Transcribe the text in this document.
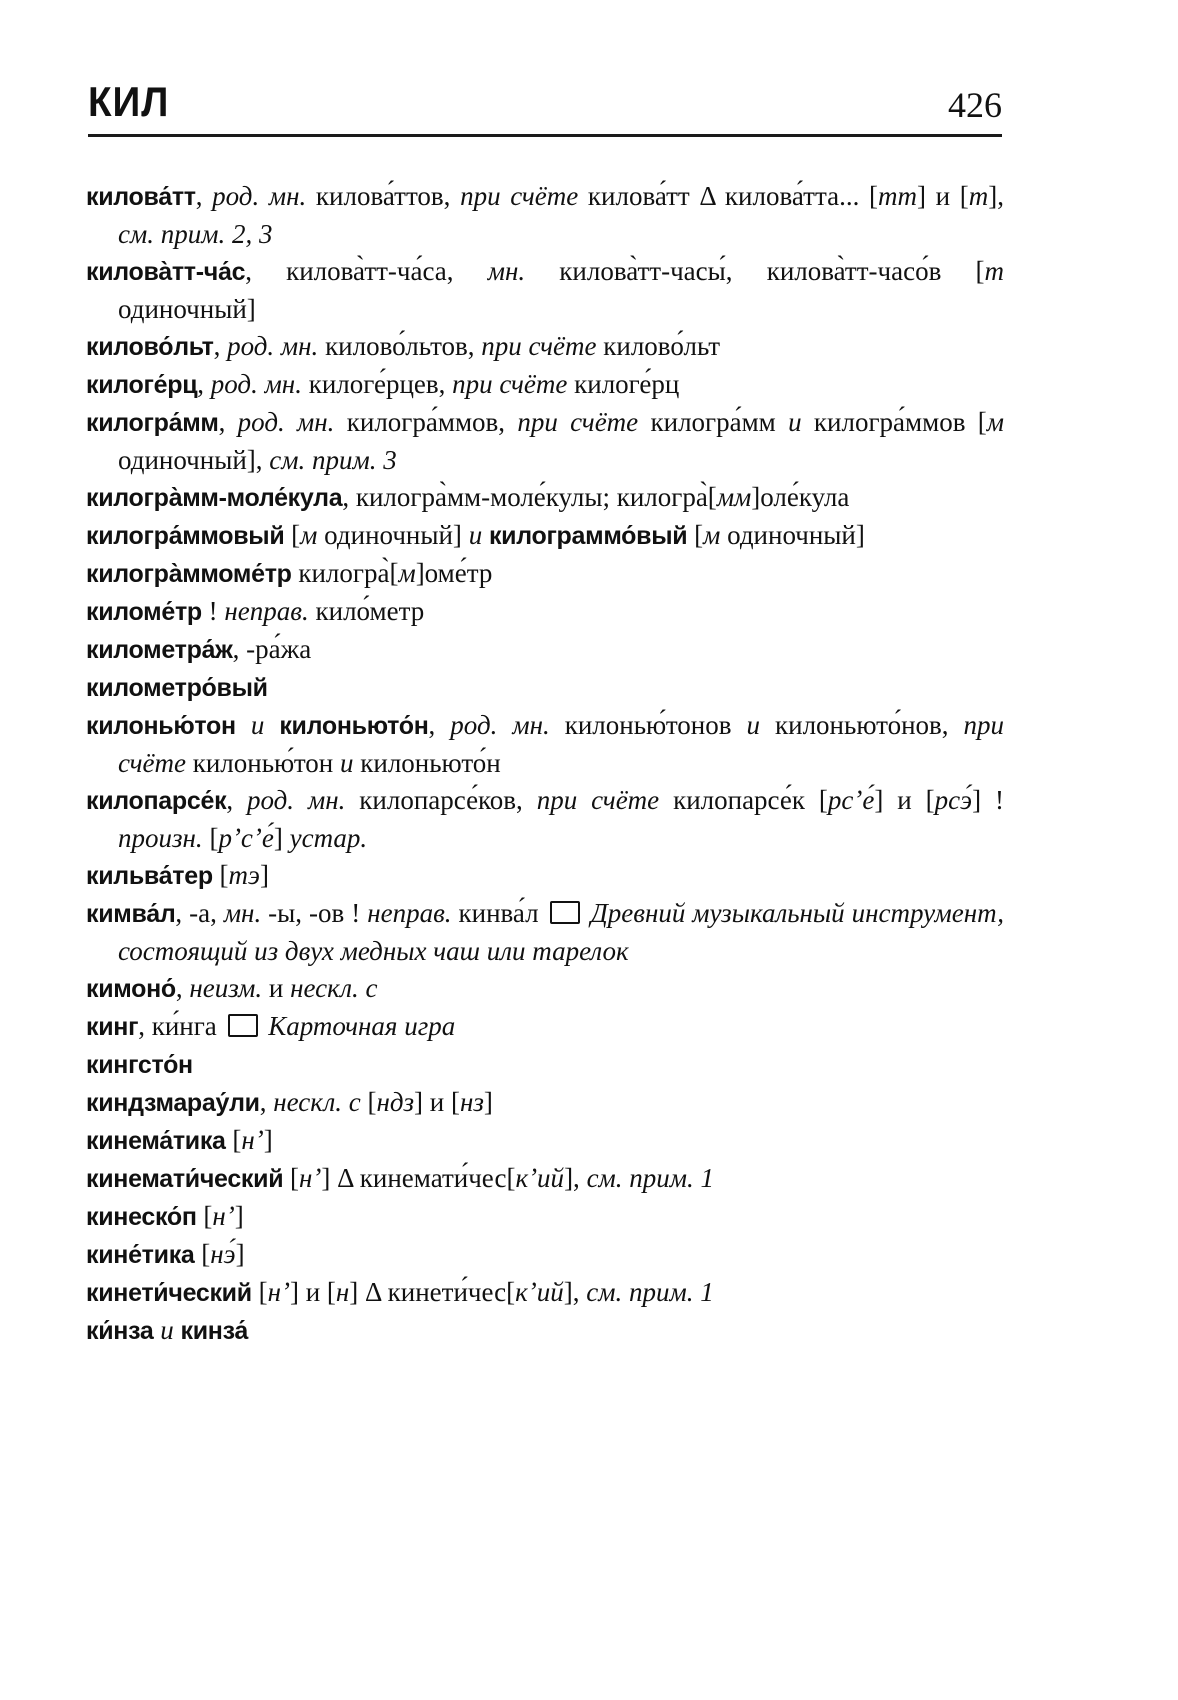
КИЛ	426

килова́тт, род. мн. килова́ттов, при счёте килова́тт Δ килова́тта... [тт] и [т], см. прим. 2, 3

килова̀тт-ча́с, килова̀тт-ча́са, мн. килова̀тт-часы́, килова̀тт-часо́в [т одиночный]

килово́льт, род. мн. килово́льтов, при счёте килово́льт

килоге́рц, род. мн. килоге́рцев, при счёте килоге́рц

килогра́мм, род. мн. килогра́ммов, при счёте килогра́мм и килогра́ммов [м одиночный], см. прим. 3

килогра̀мм-моле́кула, килогра̀мм-моле́кулы; килогра̀[мм]оле́кула

килогра́ммовый [м одиночный] и килограммо́вый [м одиночный]

килогра̀ммоме́тр килогра̀[м]оме́тр

киломе́тр ! неправ. кило́метр

километра́ж, -ра́жа

километро́вый

килонью́тон и килоньюто́н, род. мн. килонью́тонов и килоньюто́нов, при счёте килонью́тон и килоньюто́н

килопарсе́к, род. мн. килопарсе́ков, при счёте килопарсе́к [рсʼе́] и [рсэ́] ! произн. [рʼсʼе́] устар.

кильва́тер [тэ]

кимва́л, -а, мн. -ы, -ов ! неправ. кинва́л  Древний музыкальный инструмент, состоящий из двух медных чаш или тарелок

кимоно́, неизм. и нескл. с

кинг, ки́нга  Карточная игра

кингсто́н

киндзмарау́ли, нескл. с [ндз] и [нз]

кинема́тика [нʼ]

кинемати́ческий [нʼ] Δ кинемати́чес[кʼий], см. прим. 1

кинеско́п [нʼ]

кине́тика [нэ́]

кинети́ческий [нʼ] и [н] Δ кинети́чес[кʼий], см. прим. 1

ки́нза и кинза́
